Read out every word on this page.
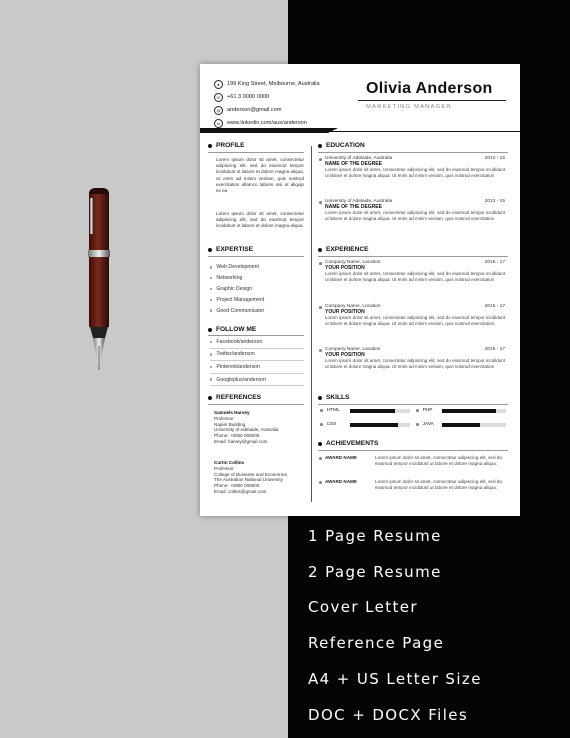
●	199 King Street, Melbourne, Australia
☏	+61 3 0000 0000
@	anderson@gmail.com
in	www.linkedin.com/aus/anderson
Olivia Anderson
MARKETING MANAGER
PROFILE
Lorem ipsum dolor sit amet, consectetur adipiscing elit, sed do eiusmod tempor incididunt ut labore et dolore magna aliqua. Ut enim ad minim veniam, quis nostrud exercitation ullamco laboris nisi ut aliquip ex ea
Lorem ipsum dolor sit amet, consectetur adipiscing elit, sed do eiusmod tempor incididunt ut labore et dolore magna aliqua.
EXPERTISE
Web Development
Networking
Graphic Design
Project Management
Good Communicator
FOLLOW ME
Facebook/anderson
Twitter/anderson
Pinterest/anderson
Googleplus/anderson
REFERENCES
Samuels Harvey
Professor
Napier Building
University of Adelaide, Australia
Phone: +0000 000000
Email: harvey@gmail.com
Curtin Collins
Professor
College of Business and Economics
The Australian National University
Phone: +0000 000000
Email: collins@gmail.com
EDUCATION
University of Adelaide, Australia	2012 - 15
NAME OF THE DEGREE
Lorem ipsum dolor sit amet, consectetur adipiscing elit, sed do eiusmod tempor incididunt ut labore et dolore magna aliqua. Ut enim ad minim veniam, quis nostrud exercitation
University of Adelaide, Australia	2012 - 15
NAME OF THE DEGREE
Lorem ipsum dolor sit amet, consectetur adipiscing elit, sed do eiusmod tempor incididunt ut labore et dolore magna aliqua. Ut enim ad minim veniam, quis nostrud exercitation
EXPERIENCE
Company Name, Location	2015 - 17
YOUR POSITION
Lorem ipsum dolor sit amet, consectetur adipiscing elit, sed do eiusmod tempor incididunt ut labore et dolore magna aliqua. Ut enim ad minim veniam, quis nostrud exercitation
Company Name, Location	2015 - 17
YOUR POSITION
Lorem ipsum dolor sit amet, consectetur adipiscing elit, sed do eiusmod tempor incididunt ut labore et dolore magna aliqua. Ut enim ad minim veniam, quis nostrud exercitation
Company Name, Location	2015 - 17
YOUR POSITION
Lorem ipsum dolor sit amet, consectetur adipiscing elit, sed do eiusmod tempor incididunt ut labore et dolore magna aliqua. Ut enim ad minim veniam, quis nostrud exercitation
SKILLS
HTML	PHP
CSS	JAVA
ACHIEVEMENTS
AWARD NAME	Lorem ipsum dolor sit amet, consectetur adipiscing elit, sed do eiusmod tempor incididunt ut labore et dolore magna aliqua.
AWARD NAME	Lorem ipsum dolor sit amet, consectetur adipiscing elit, sed do eiusmod tempor incididunt ut labore et dolore magna aliqua.
1 Page Resume
2 Page Resume
Cover Letter
Reference Page
A4 + US Letter Size
DOC + DOCX Files
